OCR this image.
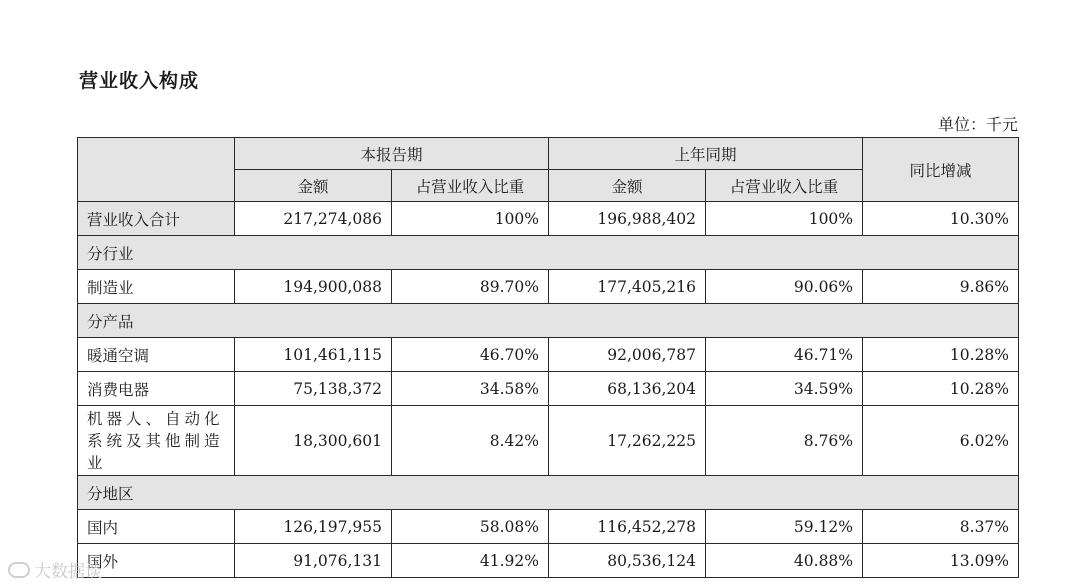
营业收入构成
单位：千元
	本报告期		上年同期		同比增减
	金额	占营业收入比重	金额	占营业收入比重	
营业收入合计	217,274,086	100%	196,988,402	100%	10.30%
分行业					
制造业	194,900,088	89.70%	177,405,216	90.06%	9.86%
分产品					
暖通空调	101,461,115	46.70%	92,006,787	46.71%	10.28%
消费电器	75,138,372	34.58%	68,136,204	34.59%	10.28%
机器人、自动化系统及其他制造业	18,300,601	8.42%	17,262,225	8.76%	6.02%
分地区					
国内	126,197,955	58.08%	116,452,278	59.12%	8.37%
国外	91,076,131	41.92%	80,536,124	40.88%	13.09%
大数据谈
